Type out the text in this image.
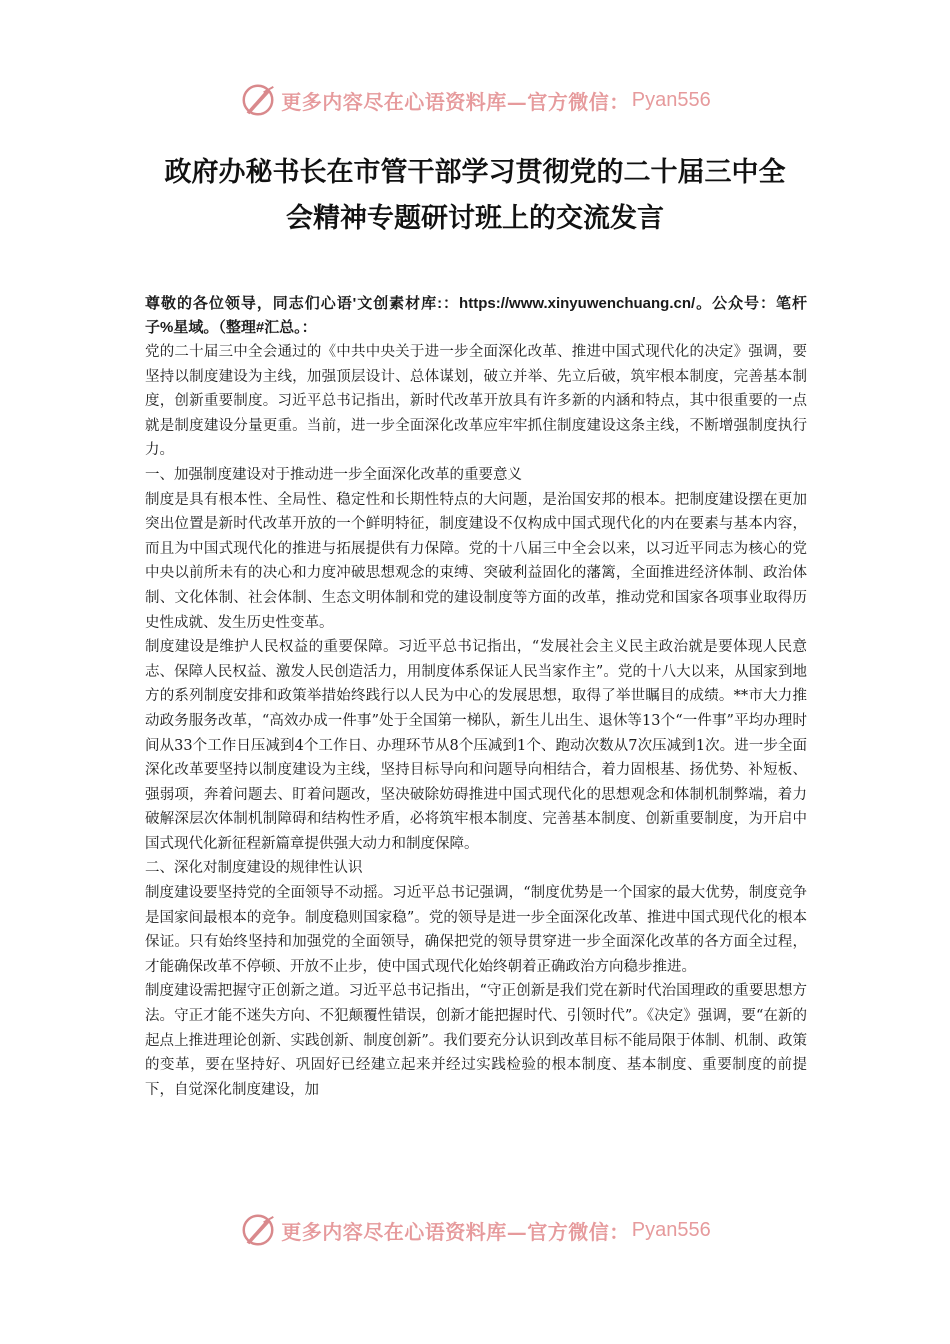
更多内容尽在心语资料库—官方微信： Pyan556
政府办秘书长在市管干部学习贯彻党的二十届三中全
会精神专题研讨班上的交流发言

尊敬的各位领导，同志们心语'文创素材库:：https://www.xinyuwenchuang.cn/。公众号：笔杆子%星域。（整理#汇总。：

党的二十届三中全会通过的《中共中央关于进一步全面深化改革、推进中国式现代化的决定》强调，要坚持以制度建设为主线，加强顶层设计、总体谋划，破立并举、先立后破，筑牢根本制度，完善基本制度，创新重要制度。习近平总书记指出，新时代改革开放具有许多新的内涵和特点，其中很重要的一点就是制度建设分量更重。当前，进一步全面深化改革应牢牢抓住制度建设这条主线，不断增强制度执行力。

一、加强制度建设对于推动进一步全面深化改革的重要意义

制度是具有根本性、全局性、稳定性和长期性特点的大问题，是治国安邦的根本。把制度建设摆在更加突出位置是新时代改革开放的一个鲜明特征，制度建设不仅构成中国式现代化的内在要素与基本内容，而且为中国式现代化的推进与拓展提供有力保障。党的十八届三中全会以来，以习近平同志为核心的党中央以前所未有的决心和力度冲破思想观念的束缚、突破利益固化的藩篱，全面推进经济体制、政治体制、文化体制、社会体制、生态文明体制和党的建设制度等方面的改革，推动党和国家各项事业取得历史性成就、发生历史性变革。

制度建设是维护人民权益的重要保障。习近平总书记指出，“发展社会主义民主政治就是要体现人民意志、保障人民权益、激发人民创造活力，用制度体系保证人民当家作主”。党的十八大以来，从国家到地方的系列制度安排和政策举措始终践行以人民为中心的发展思想，取得了举世瞩目的成绩。**市大力推动政务服务改革，“高效办成一件事”处于全国第一梯队，新生儿出生、退休等13个“一件事”平均办理时间从33个工作日压减到4个工作日、办理环节从8个压减到1个、跑动次数从7次压减到1次。进一步全面深化改革要坚持以制度建设为主线，坚持目标导向和问题导向相结合，着力固根基、扬优势、补短板、强弱项，奔着问题去、盯着问题改，坚决破除妨碍推进中国式现代化的思想观念和体制机制弊端，着力破解深层次体制机制障碍和结构性矛盾，必将筑牢根本制度、完善基本制度、创新重要制度，为开启中国式现代化新征程新篇章提供强大动力和制度保障。

二、深化对制度建设的规律性认识

制度建设要坚持党的全面领导不动摇。习近平总书记强调，“制度优势是一个国家的最大优势，制度竞争是国家间最根本的竞争。制度稳则国家稳”。党的领导是进一步全面深化改革、推进中国式现代化的根本保证。只有始终坚持和加强党的全面领导，确保把党的领导贯穿进一步全面深化改革的各方面全过程，才能确保改革不停顿、开放不止步，使中国式现代化始终朝着正确政治方向稳步推进。

制度建设需把握守正创新之道。习近平总书记指出，“守正创新是我们党在新时代治国理政的重要思想方法。守正才能不迷失方向、不犯颠覆性错误，创新才能把握时代、引领时代”。《决定》强调，要“在新的起点上推进理论创新、实践创新、制度创新”。我们要充分认识到改革目标不能局限于体制、机制、政策的变革，要在坚持好、巩固好已经建立起来并经过实践检验的根本制度、基本制度、重要制度的前提下，自觉深化制度建设，加

更多内容尽在心语资料库—官方微信： Pyan556
